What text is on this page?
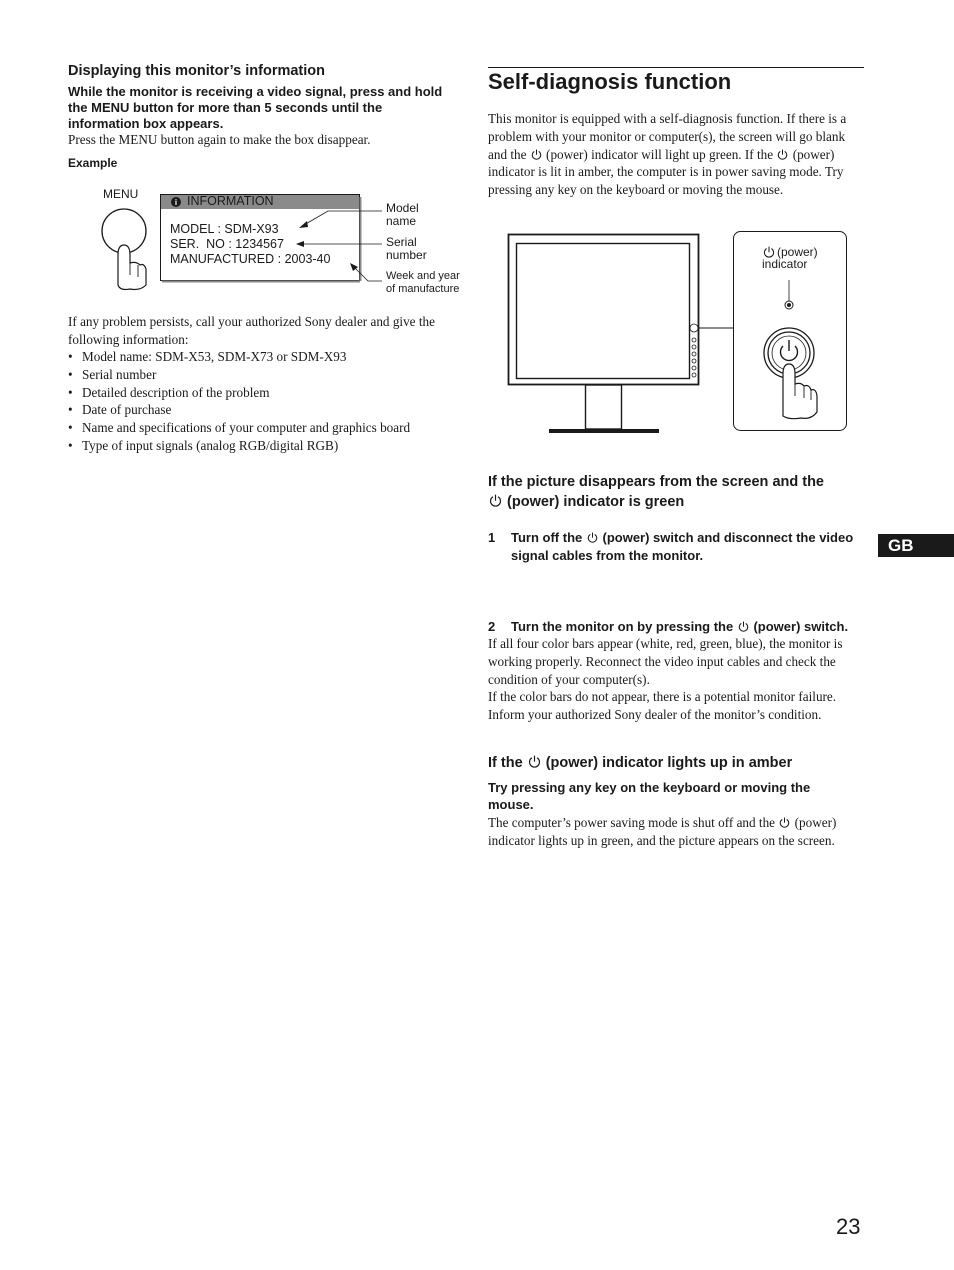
Displaying this monitor’s information
While the monitor is receiving a video signal, press and hold the MENU button for more than 5 seconds until the information box appears.
Press the MENU button again to make the box disappear.
Example
i
MENU	INFORMATION
MODEL : SDM-X93
SER.  NO : 1234567
MANUFACTURED : 2003-40
Model
name
Serial
number
Week and year
of manufacture
If any problem persists, call your authorized Sony dealer and give the following information:
• Model name: SDM-X53, SDM-X73 or SDM-X93
• Serial number
• Detailed description of the problem
• Date of purchase
• Name and specifications of your computer and graphics board
• Type of input signals (analog RGB/digital RGB)
Self-diagnosis function
This monitor is equipped with a self-diagnosis function. If there is a problem with your monitor or computer(s), the screen will go blank and the (power) indicator will light up green. If the (power) indicator is lit in amber, the computer is in power saving mode. Try pressing any key on the keyboard or moving the mouse.
(power)
indicator
If the picture disappears from the screen and the
(power) indicator is green
1 Turn off the (power) switch and disconnect the video signal cables from the monitor.
2 Turn the monitor on by pressing the (power) switch.
If all four color bars appear (white, red, green, blue), the monitor is working properly. Reconnect the video input cables and check the condition of your computer(s).
If the color bars do not appear, there is a potential monitor failure. Inform your authorized Sony dealer of the monitor’s condition.
If the (power) indicator lights up in amber
Try pressing any key on the keyboard or moving the mouse.
The computer’s power saving mode is shut off and the (power) indicator lights up in green, and the picture appears on the screen.
GB
23
